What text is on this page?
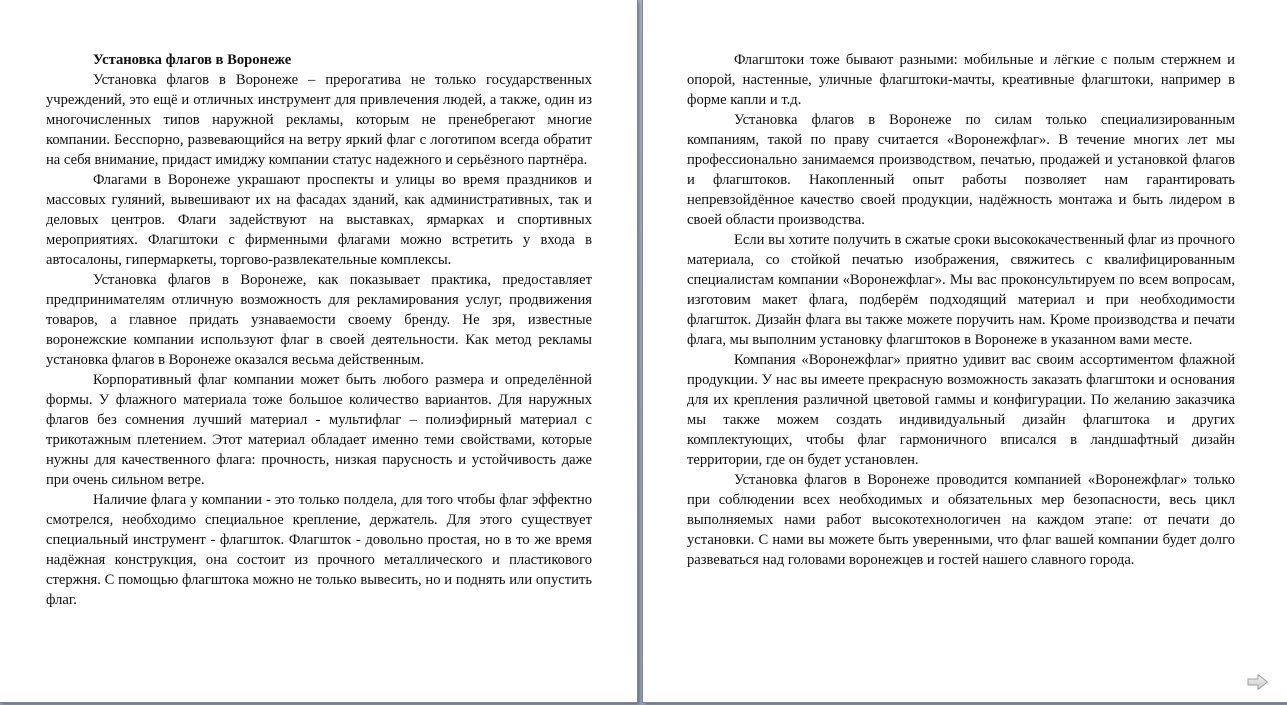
Установка флагов в Воронеже

Установка флагов в Воронеже – прерогатива не только государственных учреждений, это ещё и отличных инструмент для привлечения людей, а также, один из многочисленных типов наружной рекламы, которым не пренебрегают многие компании. Бесспорно, развевающийся на ветру яркий флаг с логотипом всегда обратит на себя внимание, придаст имиджу компании статус надежного и серьёзного партнёра.

Флагами в Воронеже украшают проспекты и улицы во время праздников и массовых гуляний, вывешивают их на фасадах зданий, как административных, так и деловых центров. Флаги задействуют на выставках, ярмарках и спортивных мероприятиях. Флагштоки с фирменными флагами можно встретить у входа в автосалоны, гипермаркеты, торгово-развлекательные комплексы.

Установка флагов в Воронеже, как показывает практика, предоставляет предпринимателям отличную возможность для рекламирования услуг, продвижения товаров, а главное придать узнаваемости своему бренду. Не зря, известные воронежские компании используют флаг в своей деятельности. Как метод рекламы установка флагов в Воронеже оказался весьма действенным.

Корпоративный флаг компании может быть любого размера и определённой формы. У флажного материала тоже большое количество вариантов. Для наружных флагов без сомнения лучший материал - мультифлаг – полиэфирный материал с трикотажным плетением. Этот материал обладает именно теми свойствами, которые нужны для качественного флага: прочность, низкая парусность и устойчивость даже при очень сильном ветре.

Наличие флага у компании - это только полдела, для того чтобы флаг эффектно смотрелся, необходимо специальное крепление, держатель. Для этого существует специальный инструмент - флагшток. Флагшток - довольно простая, но в то же время надёжная конструкция, она состоит из прочного металлического и пластикового стержня. С помощью флагштока можно не только вывесить, но и поднять или опустить флаг.

Флагштоки тоже бывают разными: мобильные и лёгкие с полым стержнем и опорой, настенные, уличные флагштоки-мачты, креативные флагштоки, например в форме капли и т.д.

Установка флагов в Воронеже по силам только специализированным компаниям, такой по праву считается «Воронежфлаг». В течение многих лет мы профессионально занимаемся производством, печатью, продажей и установкой флагов и флагштоков. Накопленный опыт работы позволяет нам гарантировать непревзойдённое качество своей продукции, надёжность монтажа и быть лидером в своей области производства.

Если вы хотите получить в сжатые сроки высококачественный флаг из прочного материала, со стойкой печатью изображения, свяжитесь с квалифицированным специалистам компании «Воронежфлаг». Мы вас проконсультируем по всем вопросам, изготовим макет флага, подберём подходящий материал и при необходимости флагшток. Дизайн флага вы также можете поручить нам. Кроме производства и печати флага, мы выполним установку флагштоков в Воронеже в указанном вами месте.

Компания «Воронежфлаг» приятно удивит вас своим ассортиментом флажной продукции. У нас вы имеете прекрасную возможность заказать флагштоки и основания для их крепления различной цветовой гаммы и конфигурации. По желанию заказчика мы также можем создать индивидуальный дизайн флагштока и других комплектующих, чтобы флаг гармоничного вписался в ландшафтный дизайн территории, где он будет установлен.

Установка флагов в Воронеже проводится компанией «Воронежфлаг» только при соблюдении всех необходимых и обязательных мер безопасности, весь цикл выполняемых нами работ высокотехнологичен на каждом этапе: от печати до установки. С нами вы можете быть уверенными, что флаг вашей компании будет долго развеваться над головами воронежцев и гостей нашего славного города.
